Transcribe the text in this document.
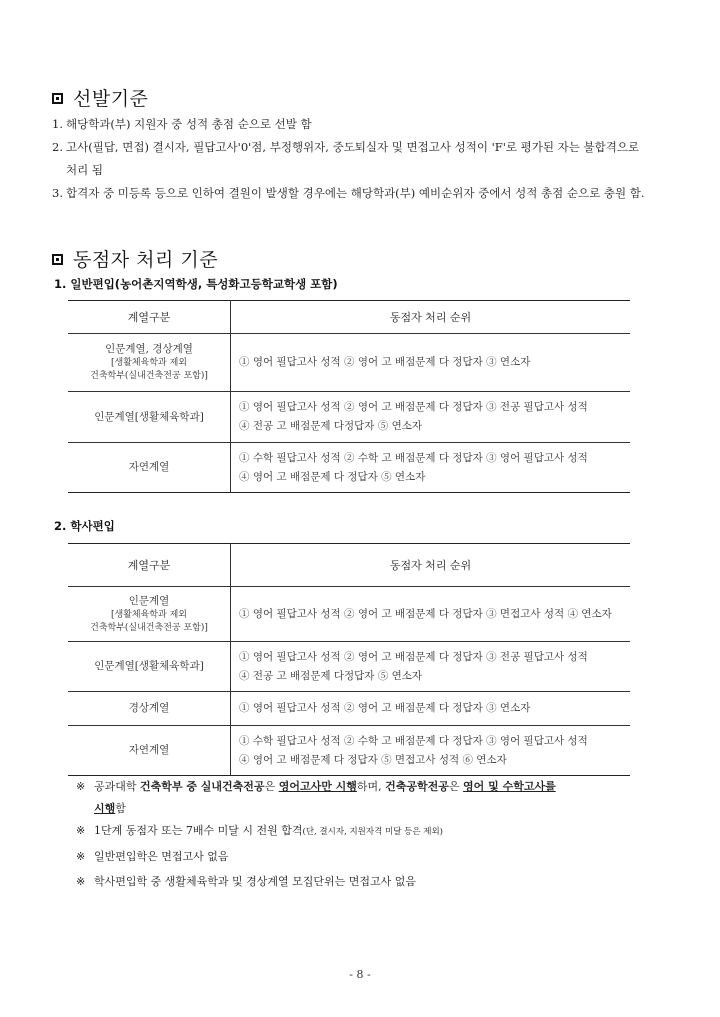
선발기준
1. 해당학과(부) 지원자 중 성적 총점 순으로 선발 함
2. 고사(필답, 면접) 결시자, 필답고사'0'점, 부정행위자, 중도퇴실자 및 면접고사 성적이 'F'로 평가된 자는 불합격으로 처리 됨
3. 합격자 중 미등록 등으로 인하여 결원이 발생할 경우에는 해당학과(부) 예비순위자 중에서 성적 총점 순으로 충원 함.
동점자 처리 기준
1. 일반편입(농어촌지역학생, 특성화고등학교학생 포함)
계열구분	동점자 처리 순위
인문계열, 경상계열
[생활체육학과 제외
건축학부(실내건축전공 포함)]	① 영어 필답고사 성적 ② 영어 고 배점문제 다 정답자 ③ 연소자

인문계열[생활체육학과]	① 영어 필답고사 성적 ② 영어 고 배점문제 다 정답자 ③ 전공 필답고사 성적
④ 전공 고 배점문제 다정답자 ⑤ 연소자

자연계열	① 수학 필답고사 성적 ② 수학 고 배점문제 다 정답자 ③ 영어 필답고사 성적
④ 영어 고 배점문제 다 정답자 ⑤ 연소자
2. 학사편입
계열구분	동점자 처리 순위
인문계열
[생활체육학과 제외
건축학부(실내건축전공 포함)]	① 영어 필답고사 성적 ② 영어 고 배점문제 다 정답자 ③ 면접고사 성적 ④ 연소자

인문계열[생활체육학과]	① 영어 필답고사 성적 ② 영어 고 배점문제 다 정답자 ③ 전공 필답고사 성적
④ 전공 고 배점문제 다정답자 ⑤ 연소자

경상계열	① 영어 필답고사 성적 ② 영어 고 배점문제 다 정답자 ③ 연소자

자연계열	① 수학 필답고사 성적 ② 수학 고 배점문제 다 정답자 ③ 영어 필답고사 성적
④ 영어 고 배점문제 다 정답자 ⑤ 면접고사 성적 ⑥ 연소자
※ 공과대학 건축학부 중 실내건축전공은 영어고사만 시행하며, 건축공학전공은 영어 및 수학고사를
시행함
※ 1단계 동점자 또는 7배수 미달 시 전원 합격(단, 결시자, 지원자격 미달 등은 제외)
※ 일반편입학은 면접고사 없음
※ 학사편입학 중 생활체육학과 및 경상계열 모집단위는 면접고사 없음
- 8 -
